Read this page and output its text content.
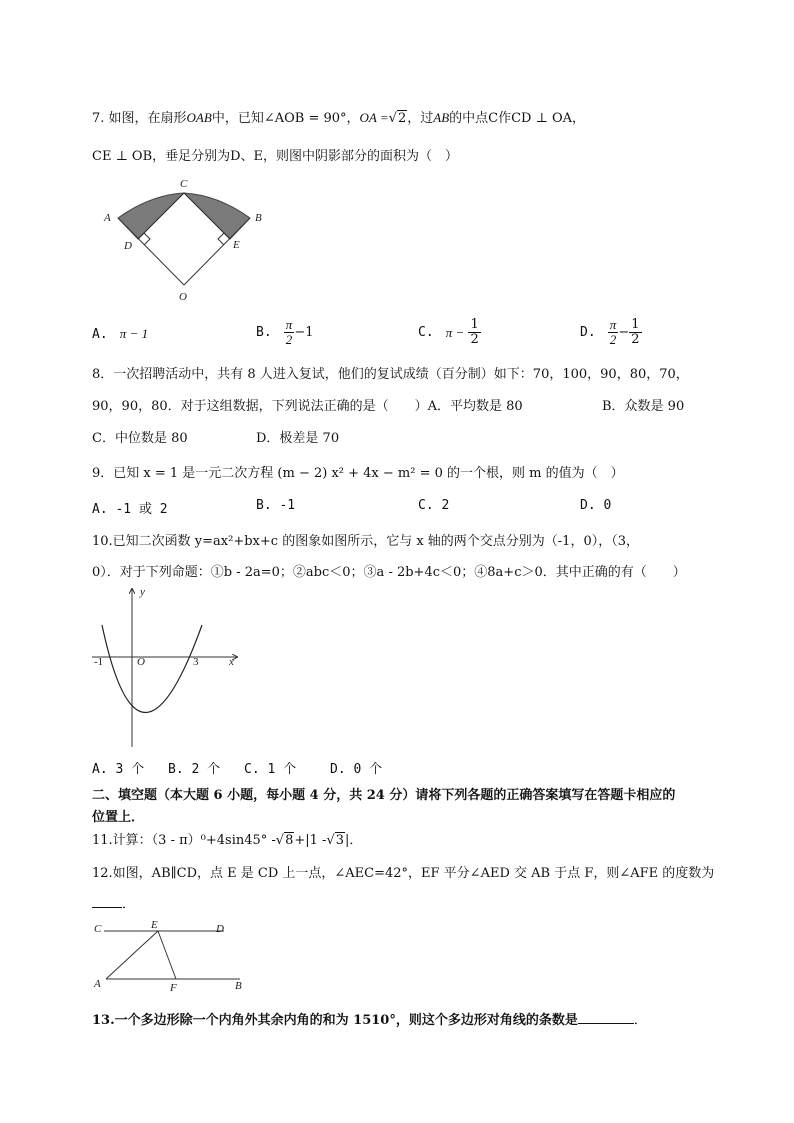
7. 如图，在扇形OAB中，已知∠AOB = 90°，OA =√2，过AB的中点C作CD ⊥ OA，
CE ⊥ OB，垂足分别为D、E，则图中阴影部分的面积为（　）
C
A	B
D	E
O
A. π − 1	B. $\frac{\pi}{2} -1$	C. $\pi - \frac{1}{2}$	D. $\frac{\pi}{2} - \frac{1}{2}$
8．一次招聘活动中，共有 8 人进入复试，他们的复试成绩（百分制）如下：70，100，90，80，70，
90，90，80．对于这组数据，下列说法正确的是（　　）A．平均数是 80	B．众数是 90
C．中位数是 80	D．极差是 70
9．已知 x = 1 是一元二次方程 (m − 2) x² + 4x − m² = 0 的一个根，则 m 的值为（　）
A. -1 或 2	B. -1	C. 2	D. 0
10.已知二次函数 y=ax²+bx+c 的图象如图所示，它与 x 轴的两个交点分别为（-1，0），（3，
0）．对于下列命题：①b - 2a=0；②abc＜0；③a - 2b+4c＜0；④8a+c＞0．其中正确的有（　　）
y
x
O
-1	3
A. 3 个 B. 2 个 C. 1 个	D. 0 个
二、填空题（本大题 6 小题，每小题 4 分，共 24 分）请将下列各题的正确答案填写在答题卡相应的
位置上．
11.计算：（3 - π）⁰+4sin45° -√8+|1 -√3|．
12.如图，AB∥CD，点 E 是 CD 上一点，∠AEC=42°，EF 平分∠AED 交 AB 于点 F，则∠AFE 的度数为
．
C	E	D
A	F	B
13.一个多边形除一个内角外其余内角的和为 1510°，则这个多边形对角线的条数是	．
